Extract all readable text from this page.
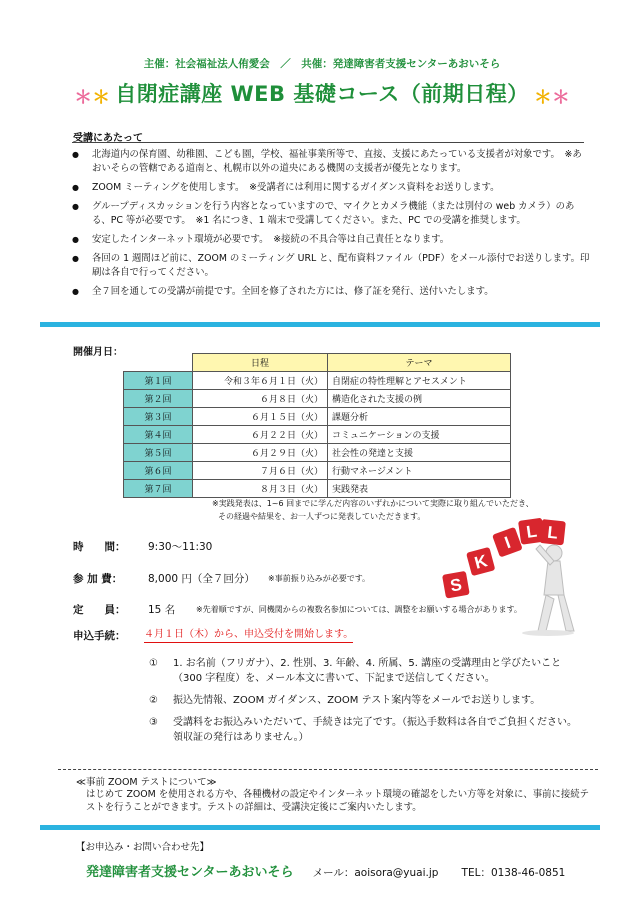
主催：社会福祉法人侑愛会　／　共催：発達障害者支援センターあおいそら
＊＊ 自閉症講座 WEB 基礎コース（前期日程） ＊＊
受講にあたって
● 北海道内の保育園、幼稚園、こども園，学校、福祉事業所等で、直接、支援にあたっている支援者が対象です。　※あおいそらの管轄である道南と、札幌市以外の道央にある機関の支援者が優先となります。
● ZOOM ミーティングを使用します。　※受講者には利用に関するガイダンス資料をお送りします。
● グループディスカッションを行う内容となっていますので、マイクとカメラ機能（または別付の web カメラ）のある、PC 等が必要です。　※1 名につき、1 端末で受講してください。また、PC での受講を推奨します。
● 安定したインターネット環境が必要です。　※接続の不具合等は自己責任となります。
● 各回の 1 週間ほど前に、ZOOM のミーティング URL と、配布資料ファイル（PDF）をメール添付でお送りします。印刷は各自で行ってください。
● 全７回を通しての受講が前提です。全回を修了された方には、修了証を発行、送付いたします。
開催月日：
	日程	テーマ
第１回	令和３年６月１日（火）	自閉症の特性理解とアセスメント
第２回	６月８日（火）	構造化された支援の例
第３回	６月１５日（火）	課題分析
第４回	６月２２日（火）	コミュニケーションの支援
第５回	６月２９日（火）	社会性の発達と支援
第６回	７月６日（火）	行動マネージメント
第７回	８月３日（火）	実践発表
※実践発表は、1~6 回までに学んだ内容のいずれかについて実際に取り組んでいただき、
その経過や結果を、お一人ずつに発表していただきます。
時　　間： 9:30～11:30
参 加 費： 8,000 円（全７回分） ※事前振り込みが必要です。
定　　員： 15 名	※先着順ですが、同機関からの複数名参加については、調整をお願いする場合があります。
申込手続： ４月１日（木）から、申込受付を開始します。
S
K
I
L L
① 1. お名前（フリガナ）、2. 性別、3. 年齢、4. 所属、5. 講座の受講理由と学びたいこと（300 字程度）を、メール本文に書いて、下記まで送信してください。
② 振込先情報、ZOOM ガイダンス、ZOOM テスト案内等をメールでお送りします。
③ 受講料をお振込みいただいて、手続きは完了です。（振込手数料は各自でご負担ください。領収証の発行はありません。）
≪事前 ZOOM テストについて≫
はじめて ZOOM を使用される方や、各種機材の設定やインターネット環境の確認をしたい方等を対象に、事前に接続テストを行うことができます。テストの詳細は、受講決定後にご案内いたします。
【お申込み・お問い合わせ先】
発達障害者支援センターあおいそら メール：aoisora@yuai.jp TEL：0138-46-0851
